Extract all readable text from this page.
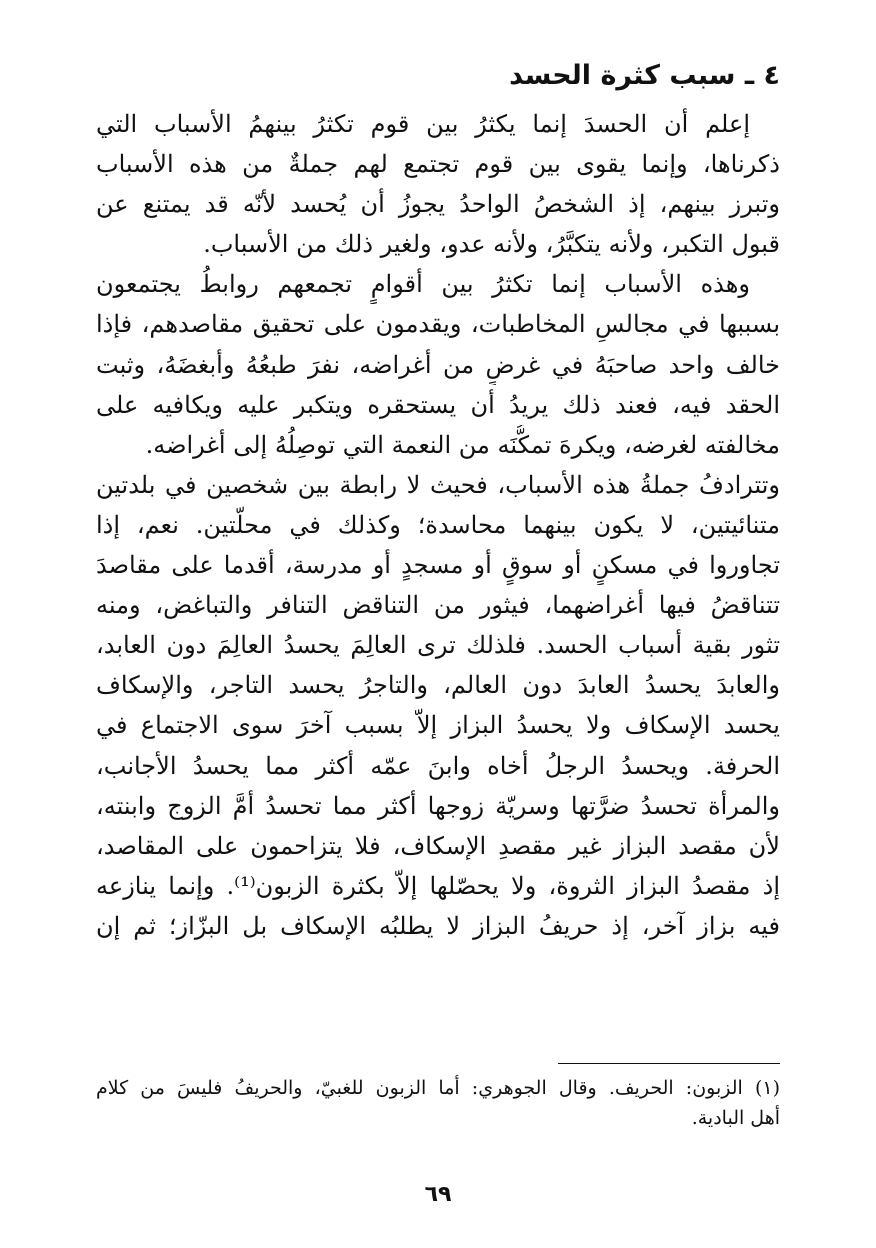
٤ ـ سبب كثرة الحسد
إعلم أن الحسدَ إنما يكثرُ بين قوم تكثرُ بينهمُ الأسباب التي
ذكرناها، وإنما يقوى بين قوم تجتمع لهم جملةٌ من هذه الأسباب
وتبرز بينهم، إذ الشخصُ الواحدُ يجوزُ أن يُحسد لأنّه قد يمتنع عن
قبول التكبر، ولأنه يتكبَّرُ، ولأنه عدو، ولغير ذلك من الأسباب.
وهذه الأسباب إنما تكثرُ بين أقوامٍ تجمعهم روابطُ يجتمعون
بسببها في مجالسِ المخاطبات، ويقدمون على تحقيق مقاصدهم، فإذا
خالف واحد صاحبَهُ في غرضٍ من أغراضه، نفرَ طبعُهُ وأبغضَهُ، وثبت
الحقد فيه، فعند ذلك يريدُ أن يستحقره ويتكبر عليه ويكافيه على
مخالفته لغرضه، ويكرهَ تمكُّنَه من النعمة التي توصِلُهُ إلى أغراضه.
وتترادفُ جملةُ هذه الأسباب، فحيث لا رابطة بين شخصين في بلدتين
متنائيتين، لا يكون بينهما محاسدة؛ وكذلك في محلّتين. نعم، إذا
تجاوروا في مسكنٍ أو سوقٍ أو مسجدٍ أو مدرسة، أقدما على مقاصدَ
تتناقضُ فيها أغراضهما، فيثور من التناقض التنافر والتباغض، ومنه
تثور بقية أسباب الحسد. فلذلك ترى العالِمَ يحسدُ العالِمَ دون العابد،
والعابدَ يحسدُ العابدَ دون العالم، والتاجرُ يحسد التاجر، والإسكاف
يحسد الإسكاف ولا يحسدُ البزاز إلاّ بسبب آخرَ سوى الاجتماع في
الحرفة. ويحسدُ الرجلُ أخاه وابنَ عمّه أكثر مما يحسدُ الأجانب،
والمرأة تحسدُ ضرَّتها وسريّة زوجها أكثر مما تحسدُ أمَّ الزوج وابنته،
لأن مقصد البزاز غير مقصدِ الإسكاف، فلا يتزاحمون على المقاصد،
إذ مقصدُ البزاز الثروة، ولا يحصّلها إلاّ بكثرة الزبون⁽¹⁾. وإنما ينازعه
فيه بزاز آخر، إذ حريفُ البزاز لا يطلبُه الإسكاف بل البزّاز؛ ثم إن
(١) الزبون: الحريف. وقال الجوهري: أما الزبون للغبيّ، والحريفُ فليسَ من كلام
أهل البادية.
٦٩
